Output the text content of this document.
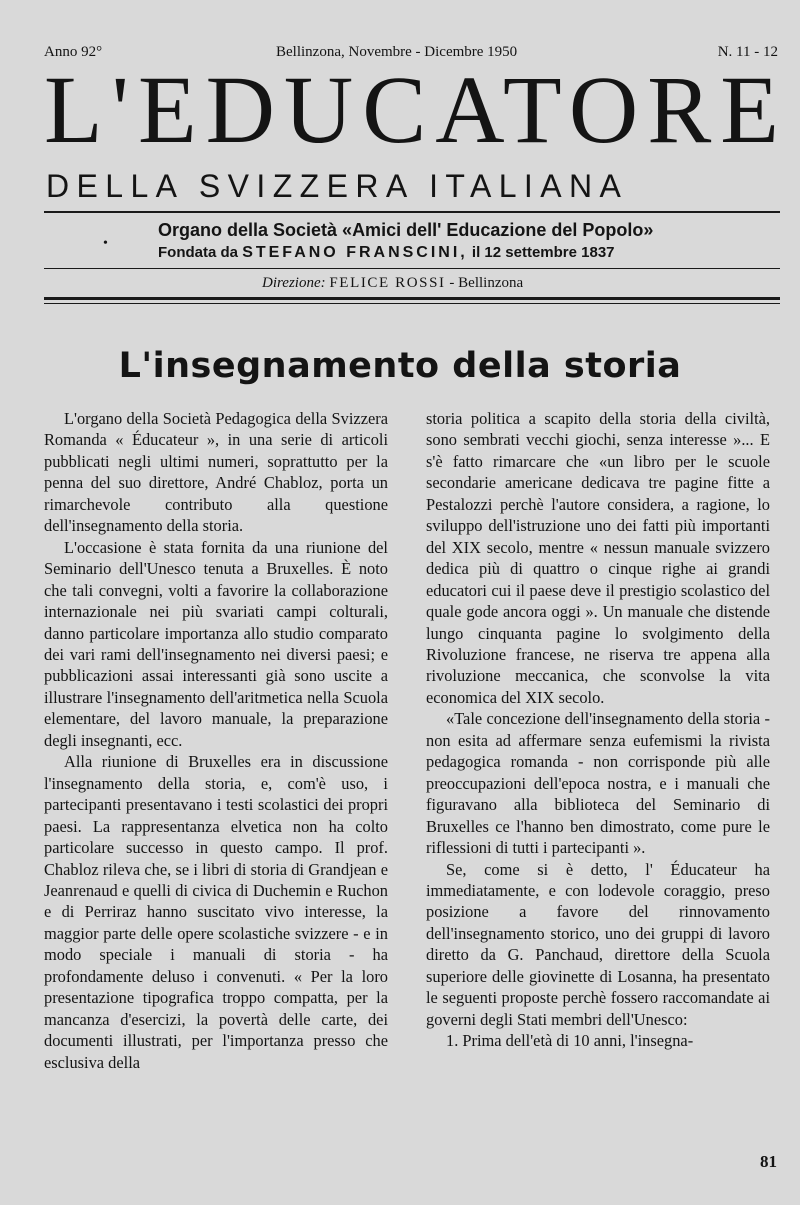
Anno 92°	Bellinzona, Novembre - Dicembre 1950	N. 11 - 12
L'EDUCATORE
DELLA SVIZZERA ITALIANA
Organo della Società «Amici dell' Educazione del Popolo»
•
Fondata da STEFANO FRANSCINI, il 12 settembre 1837
Direzione: FELICE ROSSI - Bellinzona
L'insegnamento della storia

L'organo della Società Pedagogica della Svizzera Romanda « Éducateur », in una serie di articoli pubblicati negli ultimi numeri, soprattutto per la penna del suo direttore, André Chabloz, porta un rimarchevole contributo alla questione dell'insegnamento della storia.

L'occasione è stata fornita da una riunione del Seminario dell'Unesco tenuta a Bruxelles. È noto che tali convegni, volti a favorire la collaborazione internazionale nei più svariati campi colturali, danno particolare importanza allo studio comparato dei vari rami dell'insegnamento nei diversi paesi; e pubblicazioni assai interessanti già sono uscite a illustrare l'insegnamento dell'aritmetica nella Scuola elementare, del lavoro manuale, la preparazione degli insegnanti, ecc.

Alla riunione di Bruxelles era in discussione l'insegnamento della storia, e, com'è uso, i partecipanti presentavano i testi scolastici dei propri paesi. La rappresentanza elvetica non ha colto particolare successo in questo campo. Il prof. Chabloz rileva che, se i libri di storia di Grandjean e Jeanrenaud e quelli di civica di Duchemin e Ruchon e di Perriraz hanno suscitato vivo interesse, la maggior parte delle opere scolastiche svizzere - e in modo speciale i manuali di storia - ha profondamente deluso i convenuti. « Per la loro presentazione tipografica troppo compatta, per la mancanza d'esercizi, la povertà delle carte, dei documenti illustrati, per l'importanza presso che esclusiva della

storia politica a scapito della storia della civiltà, sono sembrati vecchi giochi, senza interesse »... E s'è fatto rimarcare che «un libro per le scuole secondarie americane dedicava tre pagine fitte a Pestalozzi perchè l'autore considera, a ragione, lo sviluppo dell'istruzione uno dei fatti più importanti del XIX secolo, mentre « nessun manuale svizzero dedica più di quattro o cinque righe ai grandi educatori cui il paese deve il prestigio scolastico del quale gode ancora oggi ». Un manuale che distende lungo cinquanta pagine lo svolgimento della Rivoluzione francese, ne riserva tre appena alla rivoluzione meccanica, che sconvolse la vita economica del XIX secolo.

«Tale concezione dell'insegnamento della storia - non esita ad affermare senza eufemismi la rivista pedagogica romanda - non corrisponde più alle preoccupazioni dell'epoca nostra, e i manuali che figuravano alla biblioteca del Seminario di Bruxelles ce l'hanno ben dimostrato, come pure le riflessioni di tutti i partecipanti ».

Se, come si è detto, l' Éducateur ha immediatamente, e con lodevole coraggio, preso posizione a favore del rinnovamento dell'insegnamento storico, uno dei gruppi di lavoro diretto da G. Panchaud, direttore della Scuola superiore delle giovinette di Losanna, ha presentato le seguenti proposte perchè fossero raccomandate ai governi degli Stati membri dell'Unesco:

1. Prima dell'età di 10 anni, l'insegna-

81
